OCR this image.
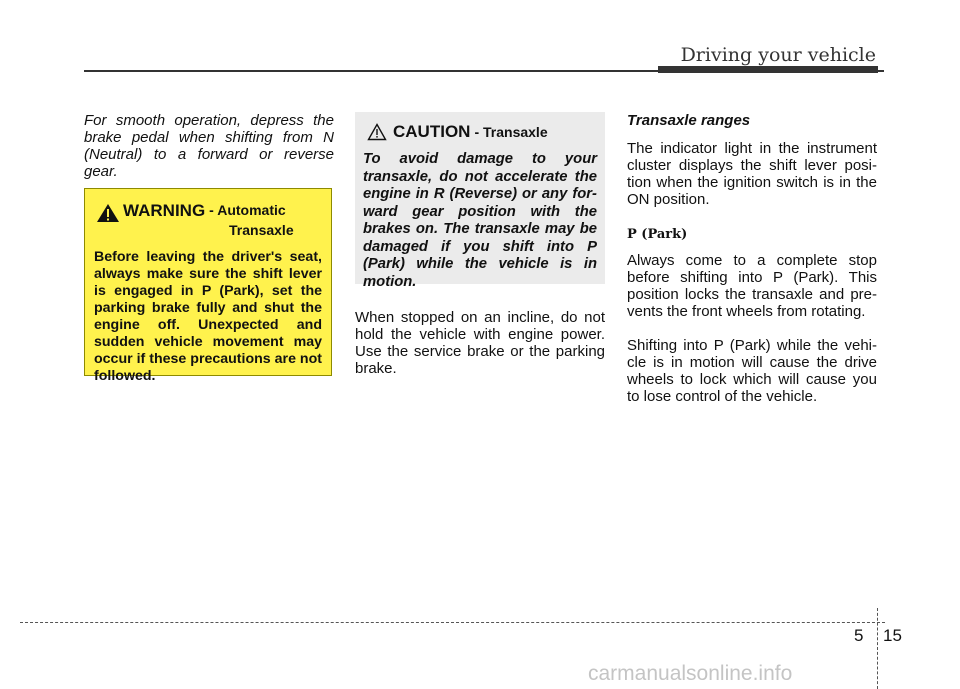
Driving your vehicle

For smooth operation, depress the brake pedal when shifting from N (Neutral) to a forward or reverse gear.

WARNING - Automatic
Transaxle
Before leaving the driver's seat, always make sure the shift lever is engaged in P (Park), set the parking brake fully and shut the engine off. Unexpected and sudden vehicle movement may occur if these precautions are not followed.
CAUTION - Transaxle
To avoid damage to your transaxle, do not accelerate the engine in R (Reverse) or any for-ward gear position with the brakes on. The transaxle may be damaged if you shift into P (Park) while the vehicle is in motion.

When stopped on an incline, do not hold the vehicle with engine power. Use the service brake or the parking brake.

Transaxle ranges

The indicator light in the instrument cluster displays the shift lever posi-tion when the ignition switch is in the ON position.

P (Park)

Always come to a complete stop before shifting into P (Park). This position locks the transaxle and pre-vents the front wheels from rotating.

Shifting into P (Park) while the vehi-cle is in motion will cause the drive wheels to lock which will cause you to lose control of the vehicle.

5 15
carmanualsonline.info
